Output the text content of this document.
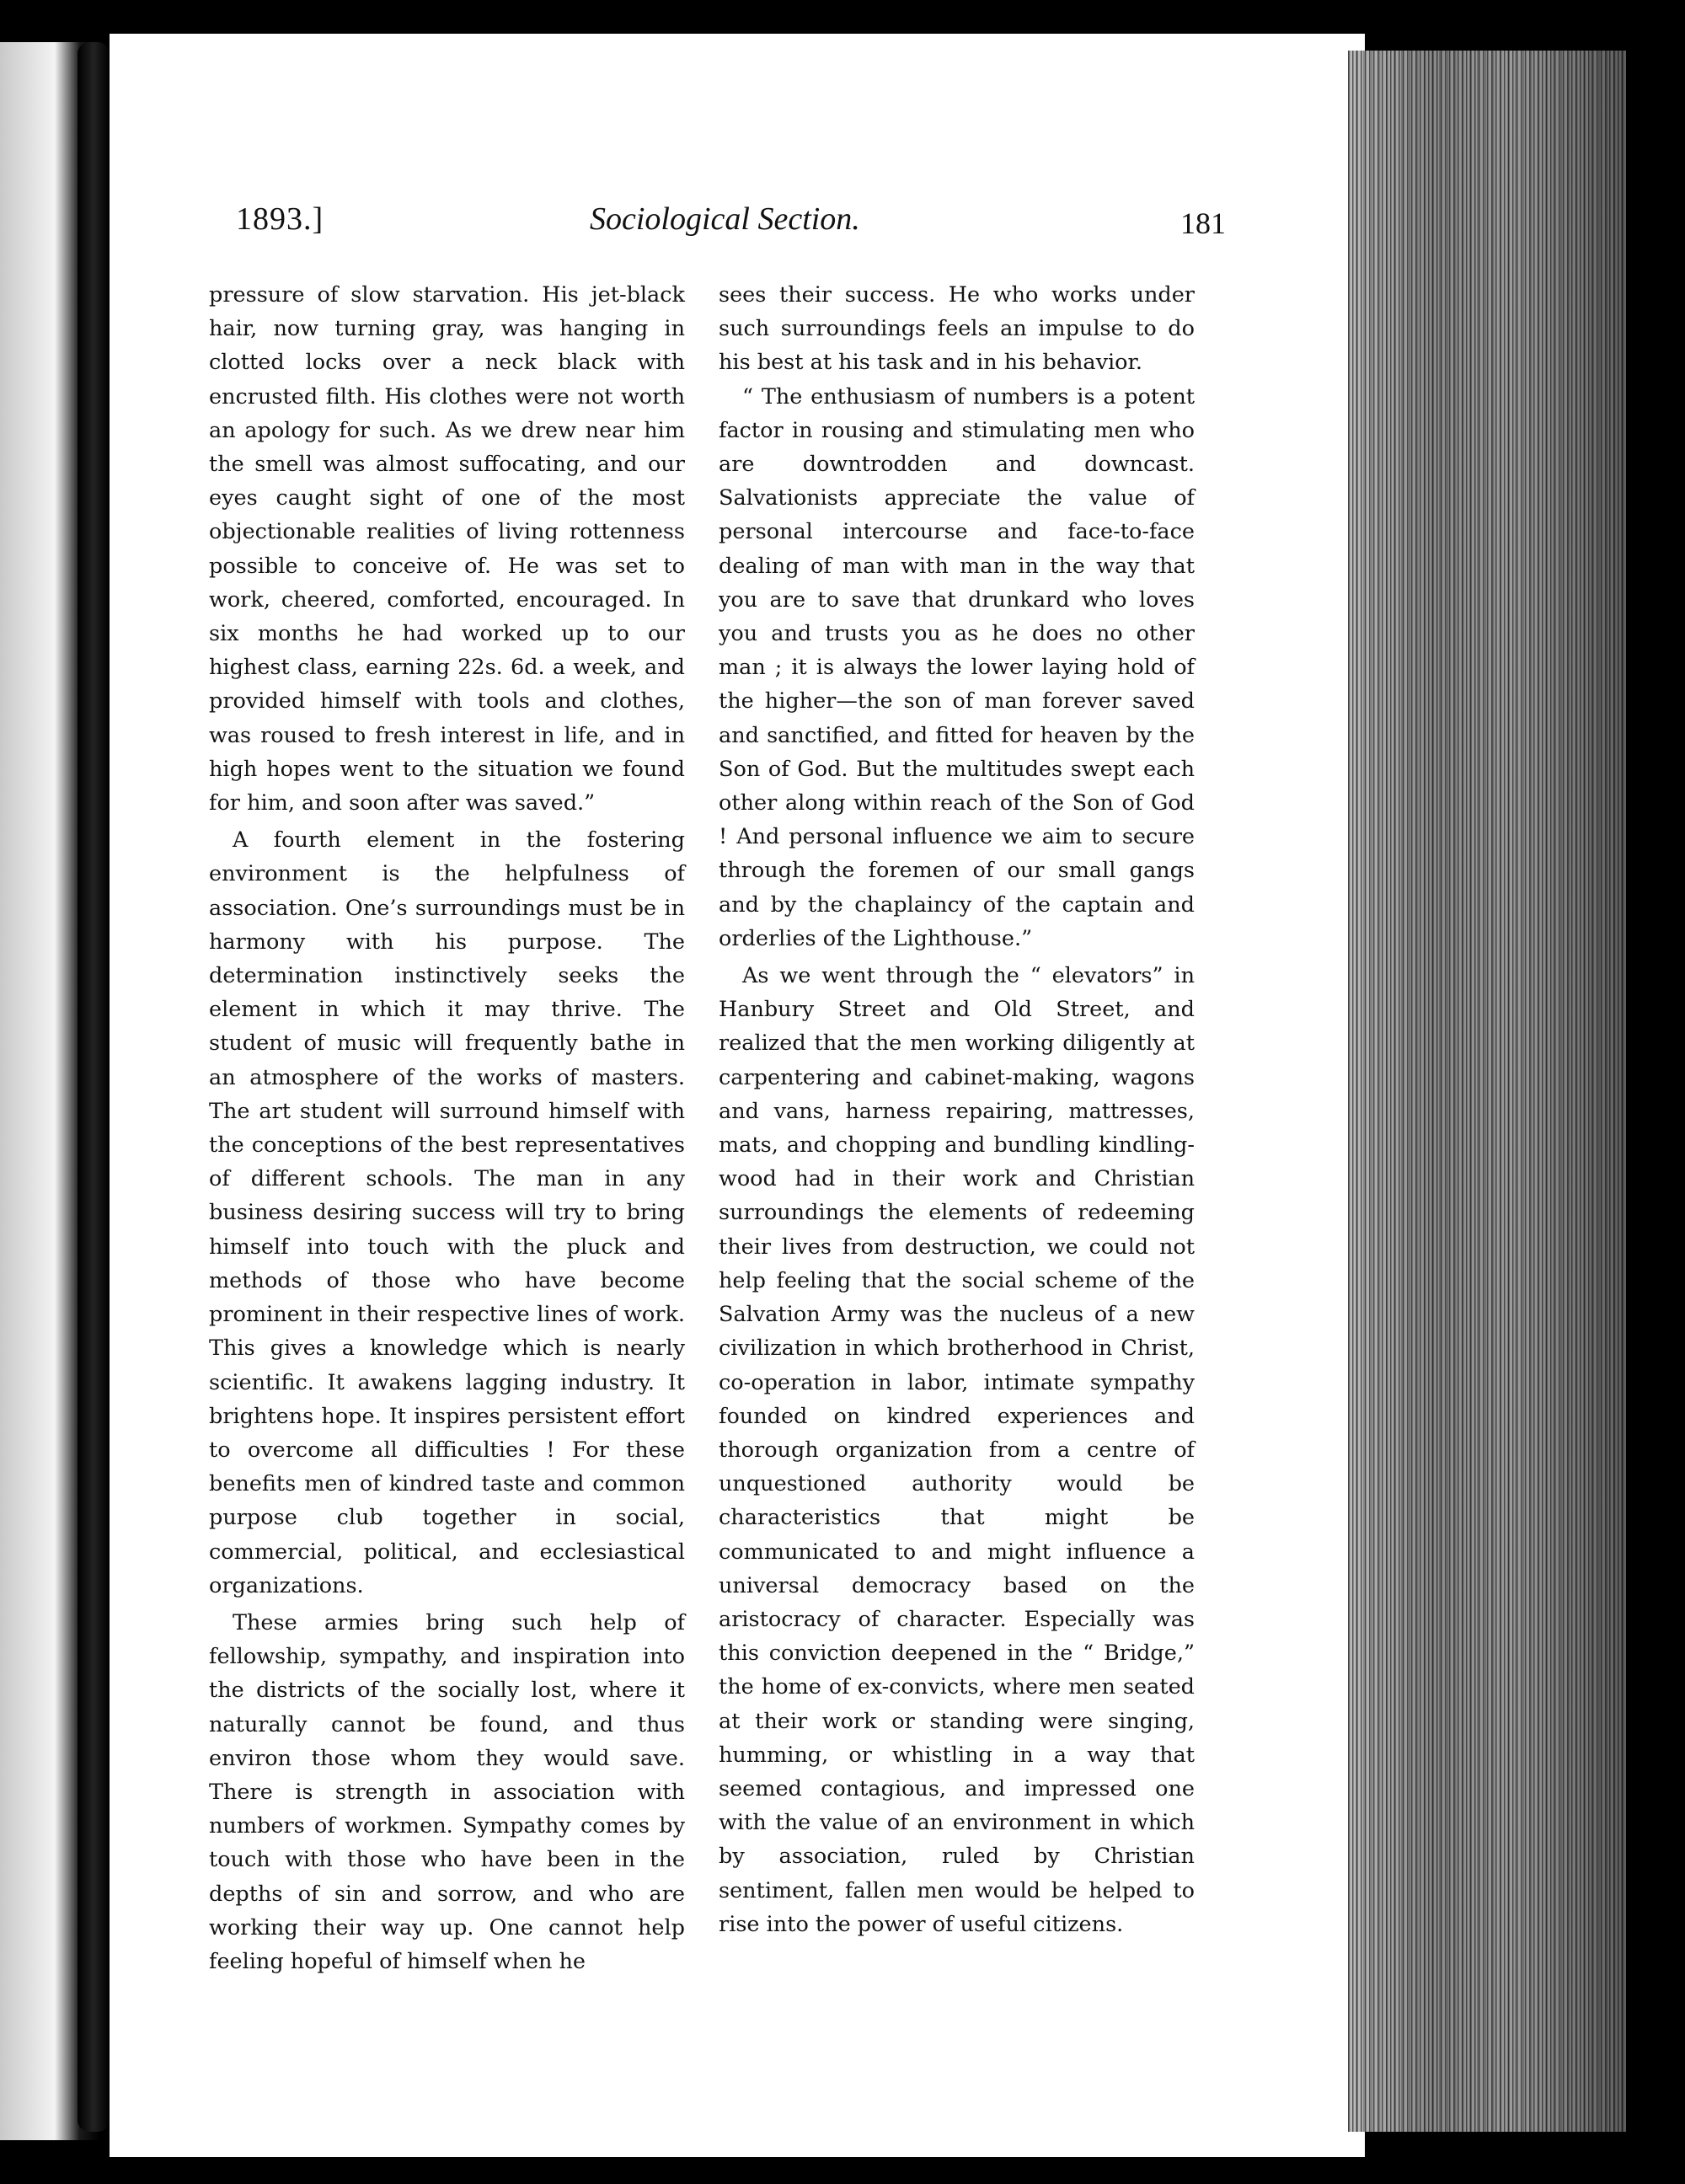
1893.]	Sociological Section.	181

pressure of slow starvation. His jet-black hair, now turning gray, was hanging in clotted locks over a neck black with encrusted filth. His clothes were not worth an apology for such. As we drew near him the smell was almost suffocating, and our eyes caught sight of one of the most objectionable realities of living rottenness possible to conceive of. He was set to work, cheered, comforted, encouraged. In six months he had worked up to our highest class, earning 22s. 6d. a week, and provided himself with tools and clothes, was roused to fresh interest in life, and in high hopes went to the situation we found for him, and soon after was saved.”

A fourth element in the fostering environment is the helpfulness of association. One’s surroundings must be in harmony with his purpose. The determination instinctively seeks the element in which it may thrive. The student of music will frequently bathe in an atmosphere of the works of masters. The art student will surround himself with the conceptions of the best representatives of different schools. The man in any business desiring success will try to bring himself into touch with the pluck and methods of those who have become prominent in their respective lines of work. This gives a knowledge which is nearly scientific. It awakens lagging industry. It brightens hope. It inspires persistent effort to overcome all difficulties ! For these benefits men of kindred taste and common purpose club together in social, commercial, political, and ecclesiastical organizations.

These armies bring such help of fellowship, sympathy, and inspiration into the districts of the socially lost, where it naturally cannot be found, and thus environ those whom they would save. There is strength in association with numbers of workmen. Sympathy comes by touch with those who have been in the depths of sin and sorrow, and who are working their way up. One cannot help feeling hopeful of himself when he

sees their success. He who works under such surroundings feels an impulse to do his best at his task and in his behavior.

“ The enthusiasm of numbers is a potent factor in rousing and stimulating men who are downtrodden and downcast. Salvationists appreciate the value of personal intercourse and face-to-face dealing of man with man in the way that you are to save that drunkard who loves you and trusts you as he does no other man ; it is always the lower laying hold of the higher—the son of man forever saved and sanctified, and fitted for heaven by the Son of God. But the multitudes swept each other along within reach of the Son of God ! And personal influence we aim to secure through the foremen of our small gangs and by the chaplaincy of the captain and orderlies of the Lighthouse.”

As we went through the “ elevators” in Hanbury Street and Old Street, and realized that the men working diligently at carpentering and cabinet-making, wagons and vans, harness repairing, mattresses, mats, and chopping and bundling kindling-wood had in their work and Christian surroundings the elements of redeeming their lives from destruction, we could not help feeling that the social scheme of the Salvation Army was the nucleus of a new civilization in which brotherhood in Christ, co-operation in labor, intimate sympathy founded on kindred experiences and thorough organization from a centre of unquestioned authority would be characteristics that might be communicated to and might influence a universal democracy based on the aristocracy of character. Especially was this conviction deepened in the “ Bridge,” the home of ex-convicts, where men seated at their work or standing were singing, humming, or whistling in a way that seemed contagious, and impressed one with the value of an environment in which by association, ruled by Christian sentiment, fallen men would be helped to rise into the power of useful citizens.
